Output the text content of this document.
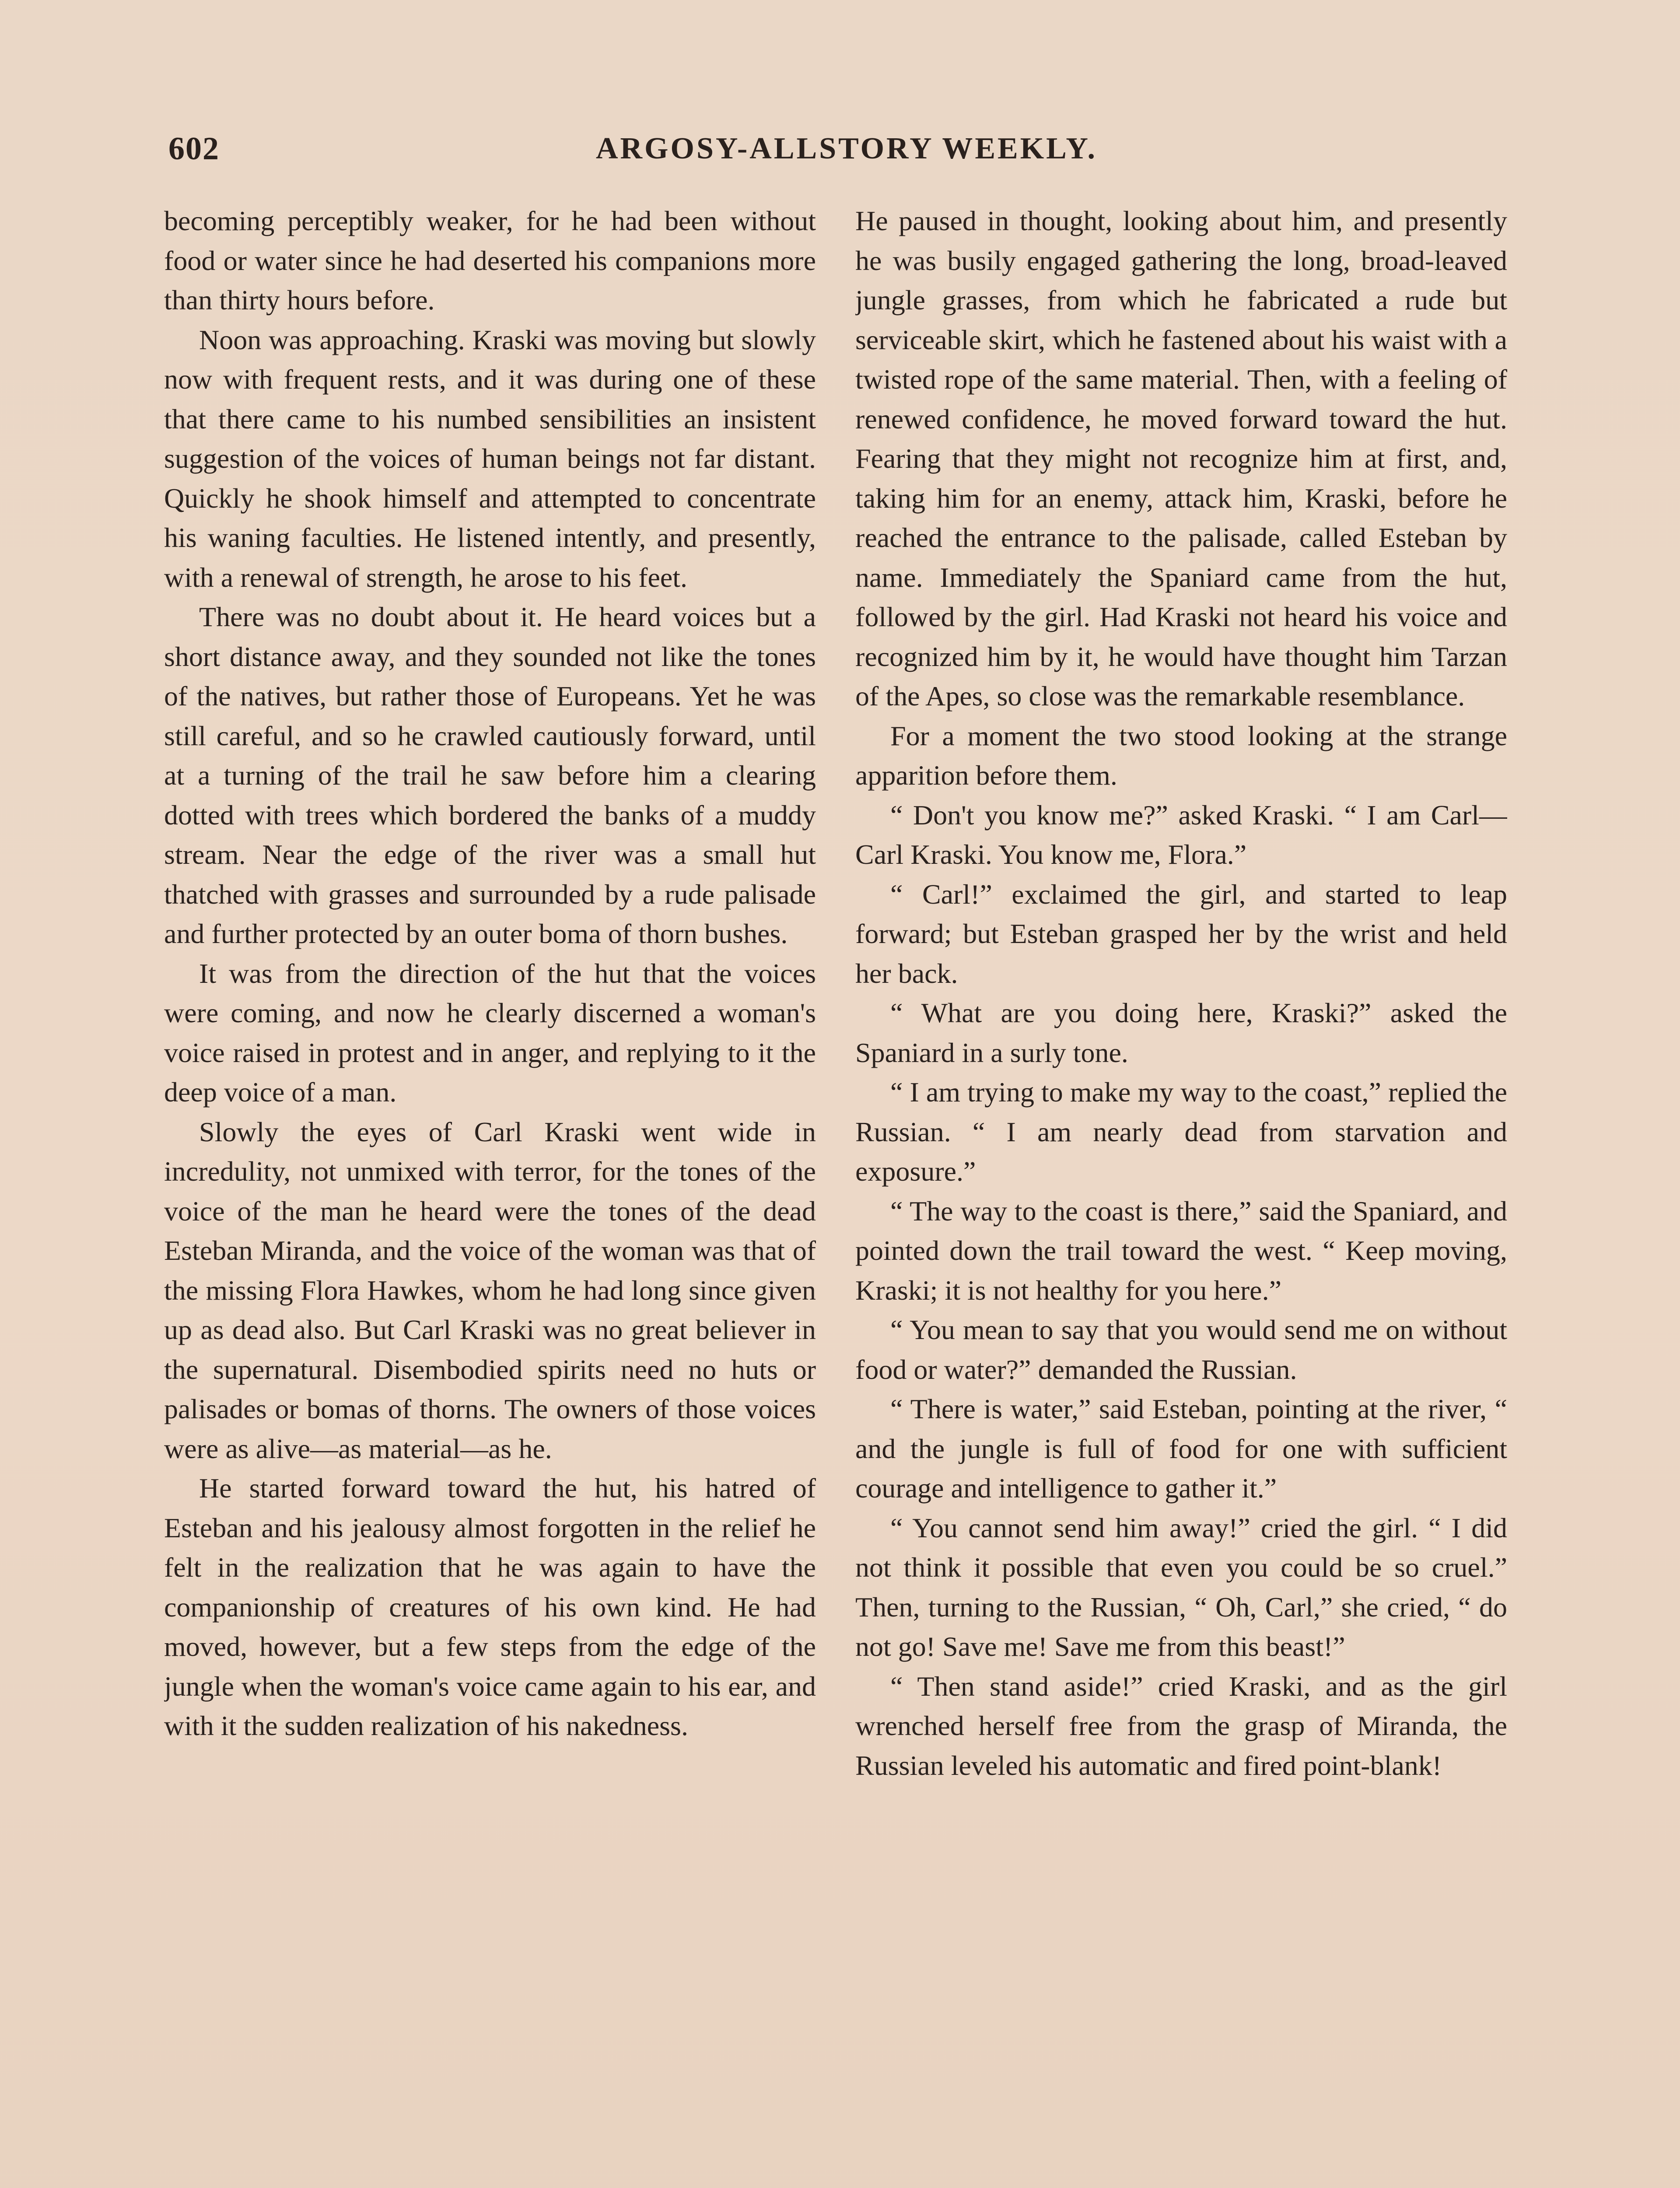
602	ARGOSY-ALLSTORY WEEKLY.

becoming perceptibly weaker, for he had been without food or water since he had deserted his companions more than thirty hours before.

Noon was approaching. Kraski was moving but slowly now with frequent rests, and it was during one of these that there came to his numbed sensibilities an insistent suggestion of the voices of human beings not far distant. Quickly he shook himself and attempted to concentrate his waning faculties. He listened intently, and presently, with a renewal of strength, he arose to his feet.

There was no doubt about it. He heard voices but a short distance away, and they sounded not like the tones of the natives, but rather those of Europeans. Yet he was still careful, and so he crawled cautiously forward, until at a turning of the trail he saw before him a clearing dotted with trees which bordered the banks of a muddy stream. Near the edge of the river was a small hut thatched with grasses and surrounded by a rude palisade and further protected by an outer boma of thorn bushes.

It was from the direction of the hut that the voices were coming, and now he clearly discerned a woman's voice raised in protest and in anger, and replying to it the deep voice of a man.

Slowly the eyes of Carl Kraski went wide in incredulity, not unmixed with terror, for the tones of the voice of the man he heard were the tones of the dead Esteban Miranda, and the voice of the woman was that of the missing Flora Hawkes, whom he had long since given up as dead also. But Carl Kraski was no great believer in the supernatural. Disembodied spirits need no huts or palisades or bomas of thorns. The owners of those voices were as alive—as material—as he.

He started forward toward the hut, his hatred of Esteban and his jealousy almost forgotten in the relief he felt in the realization that he was again to have the companionship of creatures of his own kind. He had moved, however, but a few steps from the edge of the jungle when the woman's voice came again to his ear, and with it the sudden realization of his nakedness.

He paused in thought, looking about him, and presently he was busily engaged gathering the long, broad-leaved jungle grasses, from which he fabricated a rude but serviceable skirt, which he fastened about his waist with a twisted rope of the same material. Then, with a feeling of renewed confidence, he moved forward toward the hut. Fearing that they might not recognize him at first, and, taking him for an enemy, attack him, Kraski, before he reached the entrance to the palisade, called Esteban by name. Immediately the Spaniard came from the hut, followed by the girl. Had Kraski not heard his voice and recognized him by it, he would have thought him Tarzan of the Apes, so close was the remarkable resemblance.

For a moment the two stood looking at the strange apparition before them.

“ Don't you know me?” asked Kraski. “ I am Carl—Carl Kraski. You know me, Flora.”

“ Carl!” exclaimed the girl, and started to leap forward; but Esteban grasped her by the wrist and held her back.

“ What are you doing here, Kraski?” asked the Spaniard in a surly tone.

“ I am trying to make my way to the coast,” replied the Russian. “ I am nearly dead from starvation and exposure.”

“ The way to the coast is there,” said the Spaniard, and pointed down the trail toward the west. “ Keep moving, Kraski; it is not healthy for you here.”

“ You mean to say that you would send me on without food or water?” demanded the Russian.

“ There is water,” said Esteban, pointing at the river, “ and the jungle is full of food for one with sufficient courage and intelligence to gather it.”

“ You cannot send him away!” cried the girl. “ I did not think it possible that even you could be so cruel.” Then, turning to the Russian, “ Oh, Carl,” she cried, “ do not go! Save me! Save me from this beast!”

“ Then stand aside!” cried Kraski, and as the girl wrenched herself free from the grasp of Miranda, the Russian leveled his automatic and fired point-blank!
